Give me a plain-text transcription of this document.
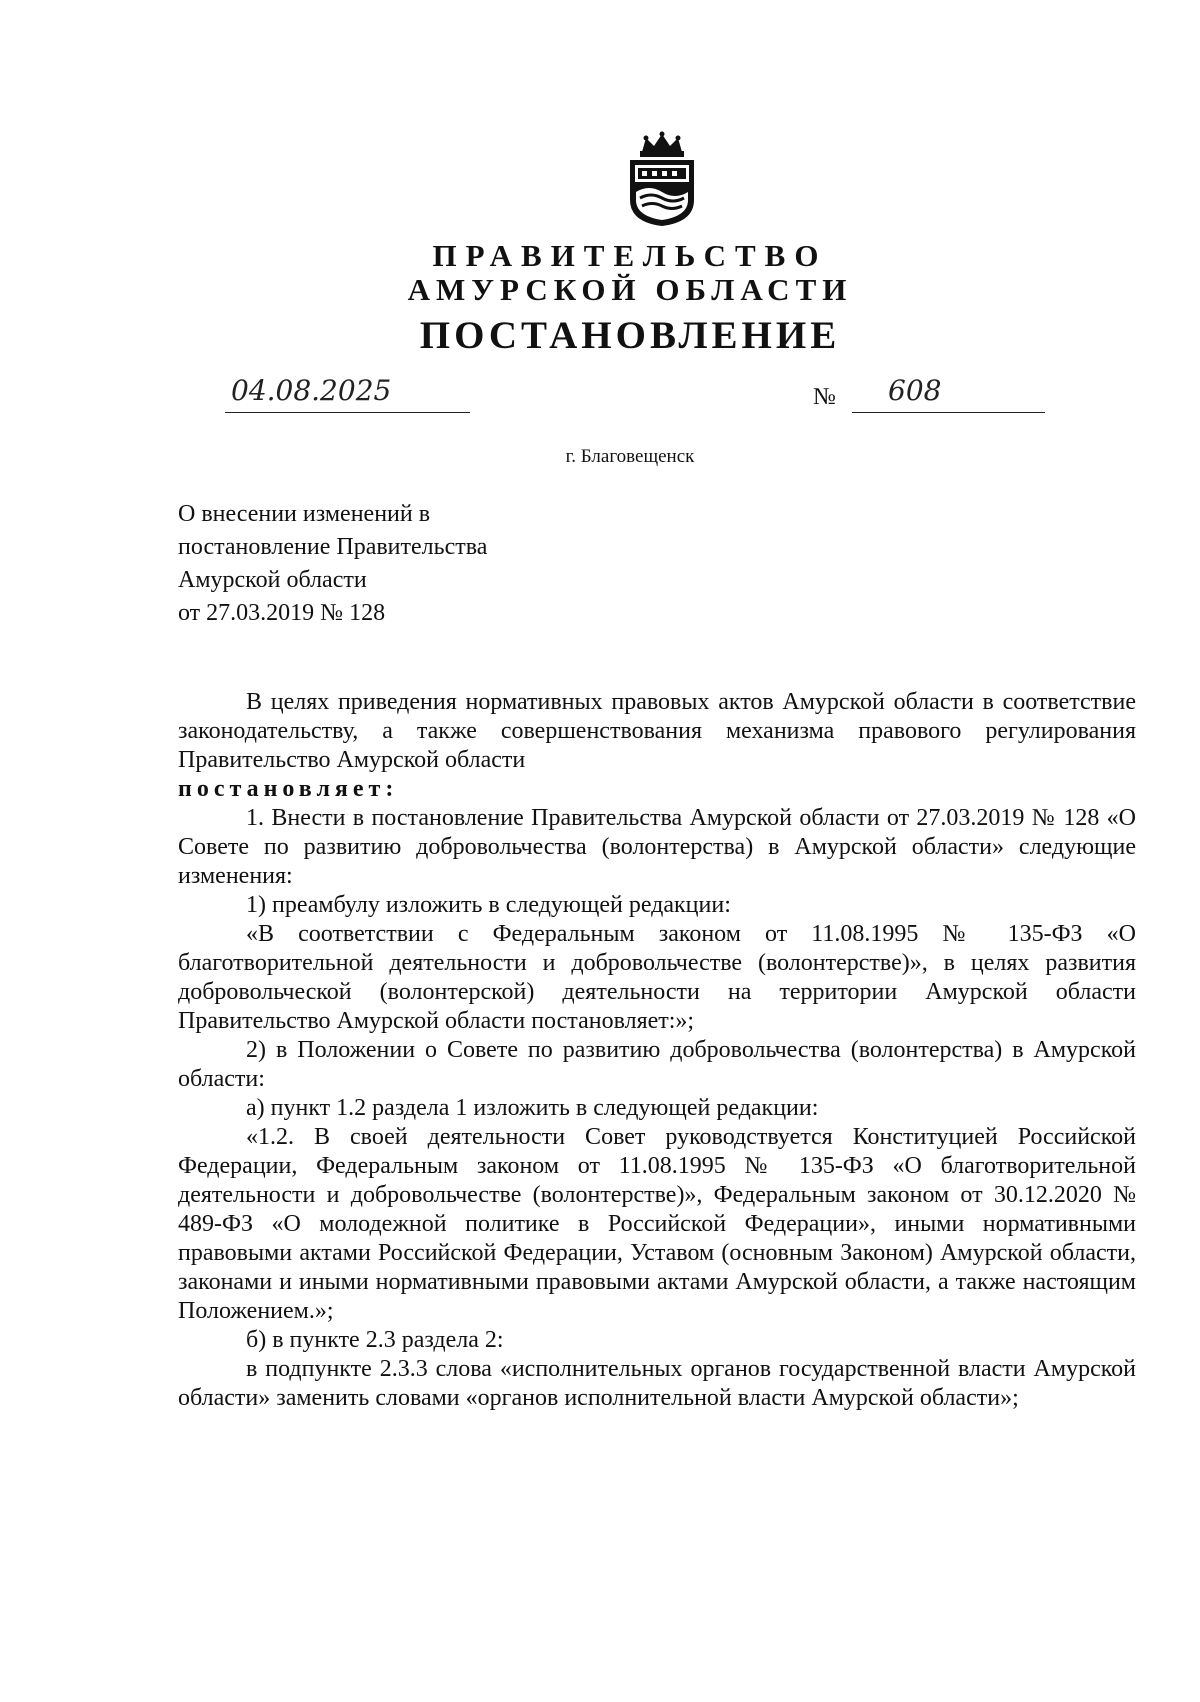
ПРАВИТЕЛЬСТВО
АМУРСКОЙ ОБЛАСТИ
ПОСТАНОВЛЕНИЕ
04.08.2025	№ 608
г. Благовещенск
О внесении изменений в
постановление Правительства
Амурской области
от 27.03.2019 № 128

В целях приведения нормативных правовых актов Амурской области в соответствие законодательству, а также совершенствования механизма правового регулирования Правительство Амурской области

постановляет:

1. Внести в постановление Правительства Амурской области от 27.03.2019 № 128 «О Совете по развитию добровольчества (волонтерства) в Амурской области» следующие изменения:

1) преамбулу изложить в следующей редакции:

«В соответствии с Федеральным законом от 11.08.1995 № 135-ФЗ «О благотворительной деятельности и добровольчестве (волонтерстве)», в целях развития добровольческой (волонтерской) деятельности на территории Амурской области Правительство Амурской области постановляет:»;

2) в Положении о Совете по развитию добровольчества (волонтерства) в Амурской области:

а) пункт 1.2 раздела 1 изложить в следующей редакции:

«1.2. В своей деятельности Совет руководствуется Конституцией Российской Федерации, Федеральным законом от 11.08.1995 № 135-ФЗ «О благотворительной деятельности и добровольчестве (волонтерстве)», Федеральным законом от 30.12.2020 № 489-ФЗ «О молодежной политике в Российской Федерации», иными нормативными правовыми актами Российской Федерации, Уставом (основным Законом) Амурской области, законами и иными нормативными правовыми актами Амурской области, а также настоящим Положением.»;

б) в пункте 2.3 раздела 2:

в подпункте 2.3.3 слова «исполнительных органов государственной власти Амурской области» заменить словами «органов исполнительной власти Амурской области»;
